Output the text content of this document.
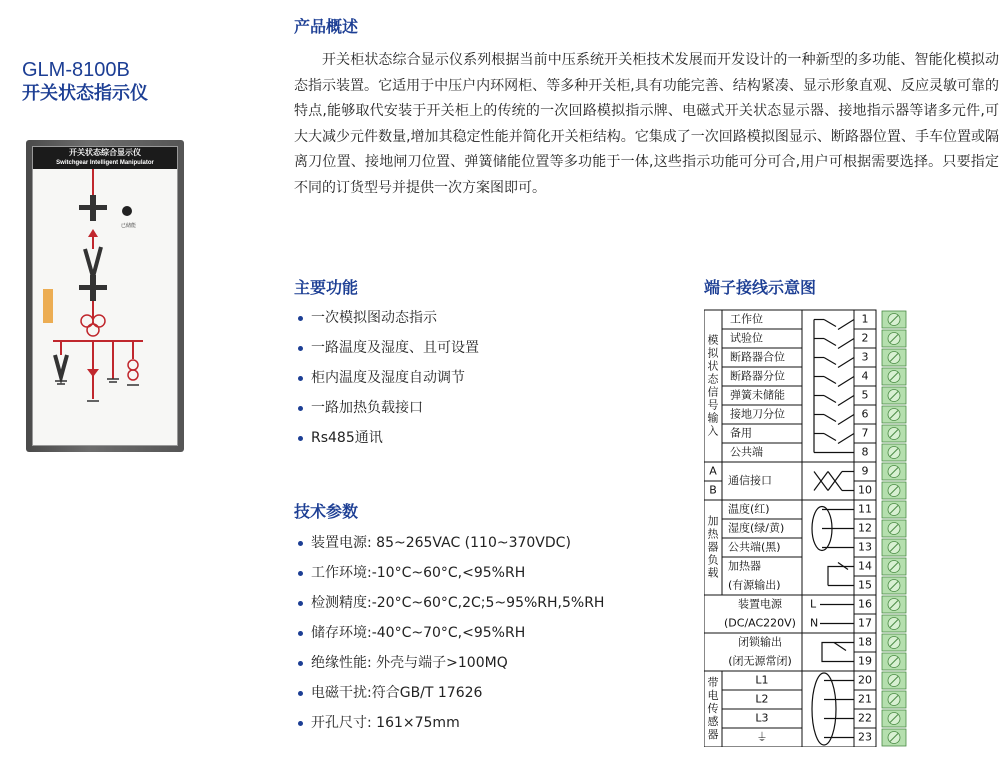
GLM-8100B
开关状态指示仪
开关状态综合显示仪
Switchgear Intelligent Manipulator
已储能
产品概述
开关柜状态综合显示仪系列根据当前中压系统开关柜技术发展而开发设计的一种新型的多功能、智能化模拟动态指示装置。它适用于中压户内环网柜、等多种开关柜,具有功能完善、结构紧凑、显示形象直观、反应灵敏可靠的特点,能够取代安装于开关柜上的传统的一次回路模拟指示牌、电磁式开关状态显示器、接地指示器等诸多元件,可大大减少元件数量,增加其稳定性能并简化开关柜结构。它集成了一次回路模拟图显示、断路器位置、手车位置或隔离刀位置、接地闸刀位置、弹簧储能位置等多功能于一体,这些指示功能可分可合,用户可根据需要选择。只要指定不同的订货型号并提供一次方案图即可。
主要功能
一次模拟图动态指示
一路温度及湿度、且可设置
柜内温度及湿度自动调节
一路加热负载接口
Rs485通讯
技术参数
装置电源: 85~265VAC (110~370VDC)
工作环境:-10°C~60°C,<95%RH
检测精度:-20°C~60°C,2C;5~95%RH,5%RH
储存环境:-40°C~70°C,<95%RH
绝缘性能: 外壳与端子>100MQ
电磁干扰:符合GB/T 17626
开孔尺寸: 161×75mm
端子接线示意图
1
2
3
4
5
6
7
8
9
10
11
12
13
14
15
16
17
18
19
20
21
22
23
模
拟
状
态
信
号
输
入
加
热
器
负
载
带
电
传
感
器
工作位
试验位
断路器合位
断路器分位
弹簧未储能
接地刀分位
备用
公共端
A
B
通信接口
温度(红)
湿度(绿/黄)
公共端(黑)
加热器
(有源输出)
装置电源
(DC/AC220V)
L
N
闭锁输出
(闭无源常闭)
L1
L2
L3
⏚
